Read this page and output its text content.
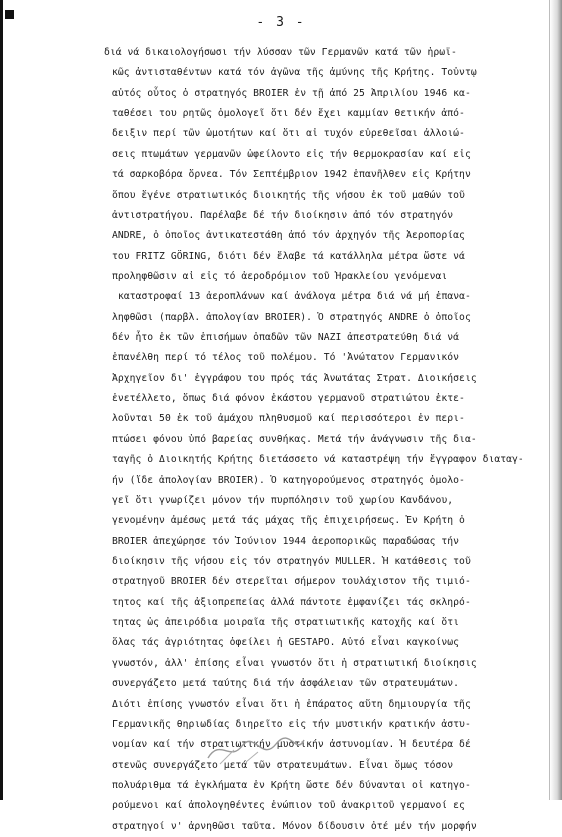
- 3 -
διά νά δικαιολογήσωσι τήν λύσσαν τῶν Γερμανῶν κατά τῶν ἡρωϊ-
κῶς ἀντισταθέντων κατά τόν ἀγῶνα τῆς ἀμύνης τῆς Κρήτης. Τοὐντῳ
αὐτός οὗτος ὁ στρατηγός BROIER ἐν τῇ ἀπό 25 Ἀπριλίου 1946 κα-
ταθέσει του ρητῶς ὁμολογεῖ ὅτι δέν ἔχει καμμίαν θετικήν ἀπό-
δειξιν περί τῶν ὠμοτήτων καί ὅτι αἱ τυχόν εὑρεθεῖσαι ἀλλοιώ-
σεις πτωμάτων γερμανῶν ὠφείλοντο εἰς τήν θερμοκρασίαν καί εἰς
τά σαρκοβόρα ὄρνεα. Τόν Σεπτέμβριον 1942 ἐπανῆλθεν εἰς Κρήτην
ὅπου ἔγένε στρατιωτικός διοικητής τῆς νήσου ἐκ τοῦ μαθών τοῦ
ἀντιστρατήγου. Παρέλαβε δέ τήν διοίκησιν ἀπό τόν στρατηγόν
ANDRE, ὁ ὁποῖος ἀντικατεστάθη ἀπό τόν ἀρχηγόν τῆς Ἀεροπορίας
του FRITZ GÖRING, διότι δέν ἔλαβε τά κατάλληλα μέτρα ὥστε νά
προληφθῶσιν αἱ εἰς τό ἀεροδρόμιον τοῦ Ἡρακλείου γενόμεναι
καταστροφαί 13 ἀεροπλάνων καί ἀνάλογα μέτρα διά νά μή ἐπανα-
ληφθῶσι (παρβλ. ἀπολογίαν BROIER). Ὁ στρατηγός ANDRE ὁ ὁποῖος
δέν ἦτο ἐκ τῶν ἐπισήμων ὁπαδῶν τῶν NAZI ἀπεστρατεύθη διά νά
ἐπανέλθη περί τό τέλος τοῦ πολέμου. Τό 'Ἀνώτατον Γερμανικόν
Ἀρχηγεῖον δι' ἐγγράφου του πρός τάς Ἀνωτάτας Στρατ. Διοικήσεις
ἐνετέλλετο, ὅπως διά φόνον ἑκάστου γερμανοῦ στρατιώτου ἐκτε-
λοῦνται 50 ἐκ τοῦ ἀμάχου πληθυσμοῦ καί περισσότεροι ἐν περι-
πτώσει φόνου ὑπό βαρείας συνθήκας. Μετά τήν ἀνάγνωσιν τῆς δια-
ταγῆς ὁ Διοικητής Κρήτης διετάσσετο νά καταστρέψη τήν ἔγγραφον διαταγ-
ήν (ἴδε ἀπολογίαν BROIER). Ὁ κατηγορούμενος στρατηγός ὁμολο-
γεῖ ὅτι γνωρίζει μόνον τήν πυρπόλησιν τοῦ χωρίου Κανδάνου,
γενομένην ἀμέσως μετά τάς μάχας τῆς ἐπιχειρήσεως. Ἐν Κρήτη ὁ
BROIER ἀπεχώρησε τόν Ἰούνιον 1944 ἀεροπορικῶς παραδώσας τήν
διοίκησιν τῆς νήσου εἰς τόν στρατηγόν MULLER. Ἡ κατάθεσις τοῦ
στρατηγοῦ BROIER δέν στερεῖται σήμερον τουλάχιστον τῆς τιμιό-
τητος καί τῆς ἀξιοπρεπείας ἀλλά πάντοτε ἐμφανίζει τάς σκληρό-
τητας ὡς ἀπειρόδια μοιραῖα τῆς στρατιωτικῆς κατοχῆς καί ὅτι
ὅλας τάς ἀγριότητας ὀφείλει ἡ GESTAPO. Αὐτό εἶναι καγκοίνως
γνωστόν, ἀλλ' ἐπίσης εἶναι γνωστόν ὅτι ἡ στρατιωτική διοίκησις
συνεργάζετο μετά ταύτης διά τήν ἀσφάλειαν τῶν στρατευμάτων.
Διότι ἐπίσης γνωστόν εἶναι ὅτι ἡ ἐπάρατος αὕτη δημιουργία τῆς
Γερμανικῆς θηριωδίας διηρεῖτο εἰς τήν μυστικήν κρατικήν ἀστυ-
νομίαν καί τήν στρατιωτικήν μυστικήν ἀστυνομίαν. Ἡ δευτέρα δέ
στενῶς συνεργάζετο μετά τῶν στρατευμάτων. Εἶναι ὅμως τόσον
πολυάριθμα τά ἐγκλήματα ἐν Κρήτη ὥστε δέν δύνανται οἱ κατηγο-
ρούμενοι καί ἀπολογηθέντες ἐνώπιον τοῦ ἀνακριτοῦ γερμανοί ες
στρατηγοί ν' ἀρνηθῶσι ταῦτα. Μόνον δίδουσιν ὁτέ μέν τήν μορφήν
